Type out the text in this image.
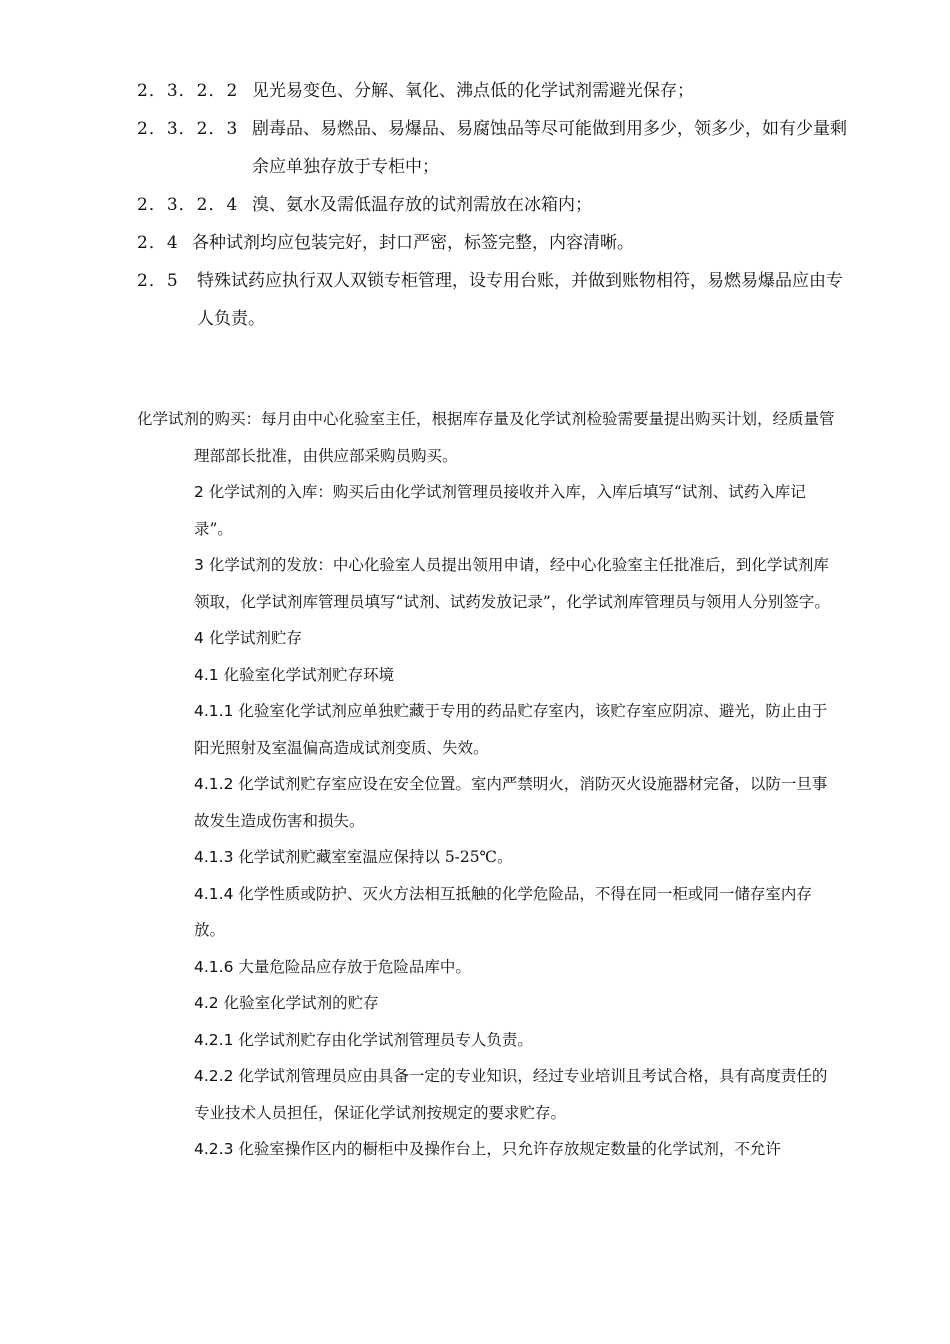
2．3．2．2 见光易变色、分解、氧化、沸点低的化学试剂需避光保存；
2．3．2．3 剧毒品、易燃品、易爆品、易腐蚀品等尽可能做到用多少，领多少，如有少量剩余应单独存放于专柜中；
2．3．2．4 溴、氨水及需低温存放的试剂需放在冰箱内；
2．4 各种试剂均应包装完好，封口严密，标签完整，内容清晰。
2．5	特殊试药应执行双人双锁专柜管理，设专用台账，并做到账物相符，易燃易爆品应由专人负责。

化学试剂的购买：每月由中心化验室主任，根据库存量及化学试剂检验需要量提出购买计划，经质量管理部部长批准，由供应部采购员购买。

2 化学试剂的入库：购买后由化学试剂管理员接收并入库，入库后填写“试剂、试药入库记录”。

3 化学试剂的发放：中心化验室人员提出领用申请，经中心化验室主任批准后，到化学试剂库领取，化学试剂库管理员填写“试剂、试药发放记录”，化学试剂库管理员与领用人分别签字。

4 化学试剂贮存

4.1 化验室化学试剂贮存环境

4.1.1 化验室化学试剂应单独贮藏于专用的药品贮存室内，该贮存室应阴凉、避光，防止由于阳光照射及室温偏高造成试剂变质、失效。

4.1.2 化学试剂贮存室应设在安全位置。室内严禁明火，消防灭火设施器材完备，以防一旦事故发生造成伤害和损失。

4.1.3 化学试剂贮藏室室温应保持以 5-25℃。

4.1.4 化学性质或防护、灭火方法相互抵触的化学危险品，不得在同一柜或同一储存室内存放。

4.1.6 大量危险品应存放于危险品库中。

4.2 化验室化学试剂的贮存

4.2.1 化学试剂贮存由化学试剂管理员专人负责。

4.2.2 化学试剂管理员应由具备一定的专业知识，经过专业培训且考试合格，具有高度责任的专业技术人员担任，保证化学试剂按规定的要求贮存。

4.2.3 化验室操作区内的橱柜中及操作台上，只允许存放规定数量的化学试剂，不允许
